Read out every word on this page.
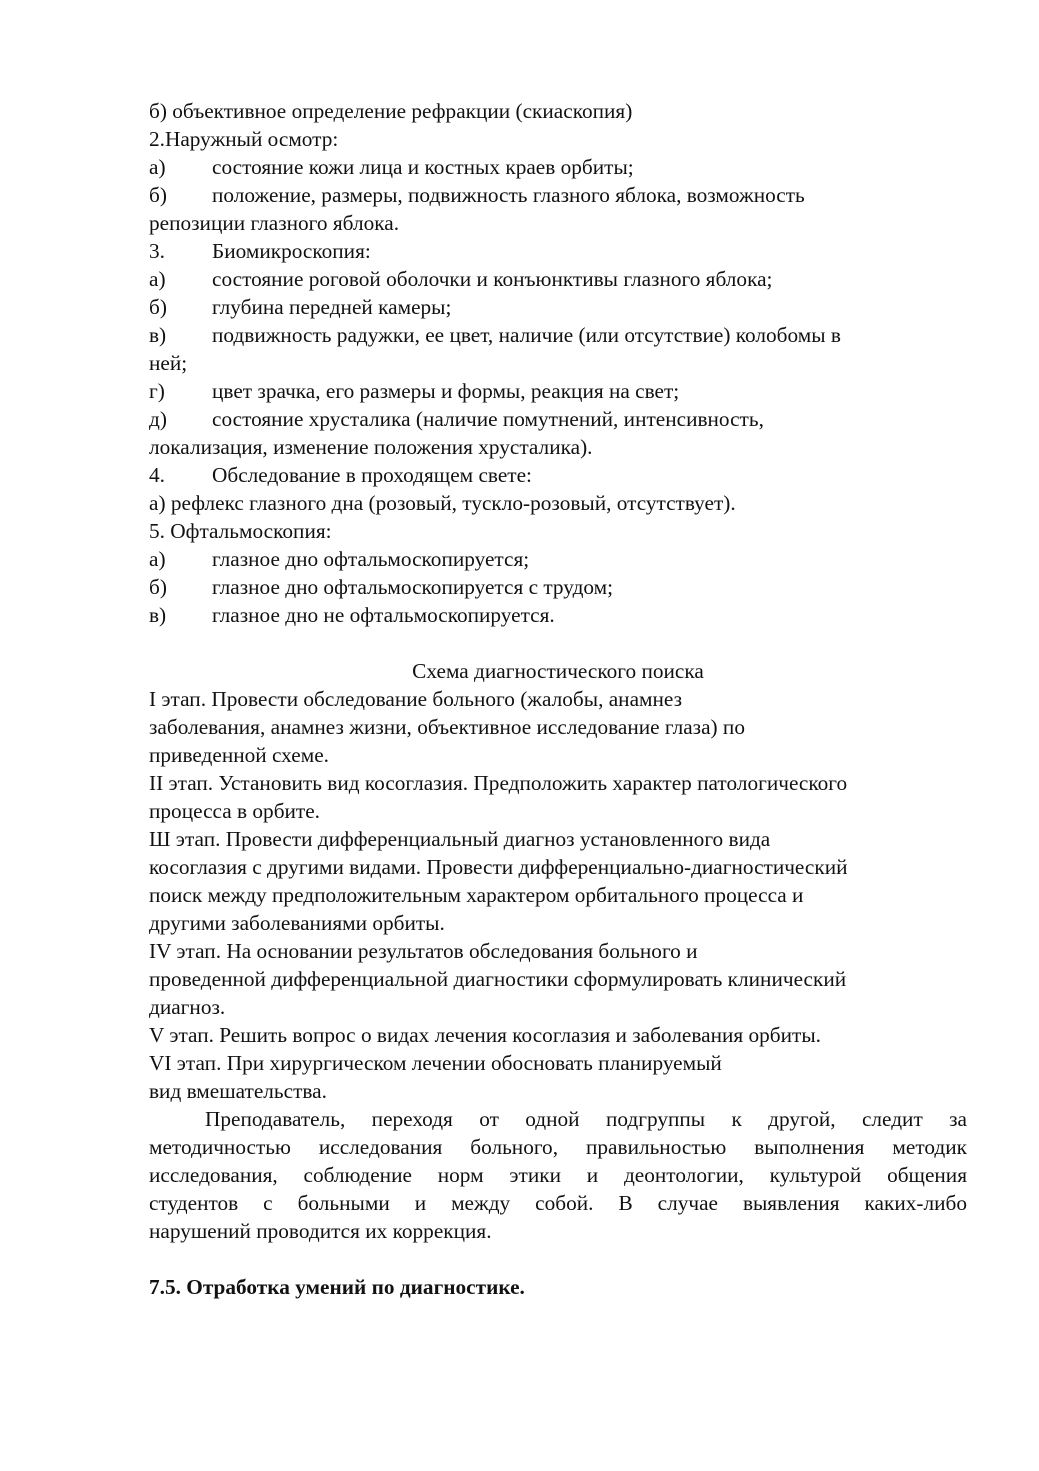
б) объективное определение рефракции (скиаскопия)
2.Наружный осмотр:
а) состояние кожи лица и костных краев орбиты;
б) положение, размеры, подвижность глазного яблока, возможность
репозиции глазного яблока.
3. Биомикроскопия:
а) состояние роговой оболочки и конъюнктивы глазного яблока;
б) глубина передней камеры;
в) подвижность радужки, ее цвет, наличие (или отсутствие) колобомы в
ней;
г) цвет зрачка, его размеры и формы, реакция на свет;
д) состояние хрусталика (наличие помутнений, интенсивность,
локализация, изменение положения хрусталика).
4. Обследование в проходящем свете:
а) рефлекс глазного дна (розовый, тускло-розовый, отсутствует).
5. Офтальмоскопия:
а) глазное дно офтальмоскопируется;
б) глазное дно офтальмоскопируется с трудом;
в) глазное дно не офтальмоскопируется.
Схема диагностического поиска
I этап. Провести обследование больного (жалобы, анамнез
заболевания, анамнез жизни, объективное исследование глаза) по
приведенной схеме.
II этап. Установить вид косоглазия. Предположить характер патологического
процесса в орбите.
Ш этап. Провести дифференциальный диагноз установленного вида
косоглазия с другими видами. Провести дифференциально-диагностический
поиск между предположительным характером орбитального процесса и
другими заболеваниями орбиты.
IV этап. На основании результатов обследования больного и
проведенной дифференциальной диагностики сформулировать клинический
диагноз.
V этап. Решить вопрос о видах лечения косоглазия и заболевания орбиты.
VI этап. При хирургическом лечении обосновать планируемый
вид вмешательства.
Преподаватель, переходя от одной подгруппы к другой, следит за
методичностью исследования больного, правильностью выполнения методик
исследования, соблюдение норм этики и деонтологии, культурой общения
студентов с больными и между собой. В случае выявления каких-либо
нарушений проводится их коррекция.
7.5. Отработка умений по диагностике.
